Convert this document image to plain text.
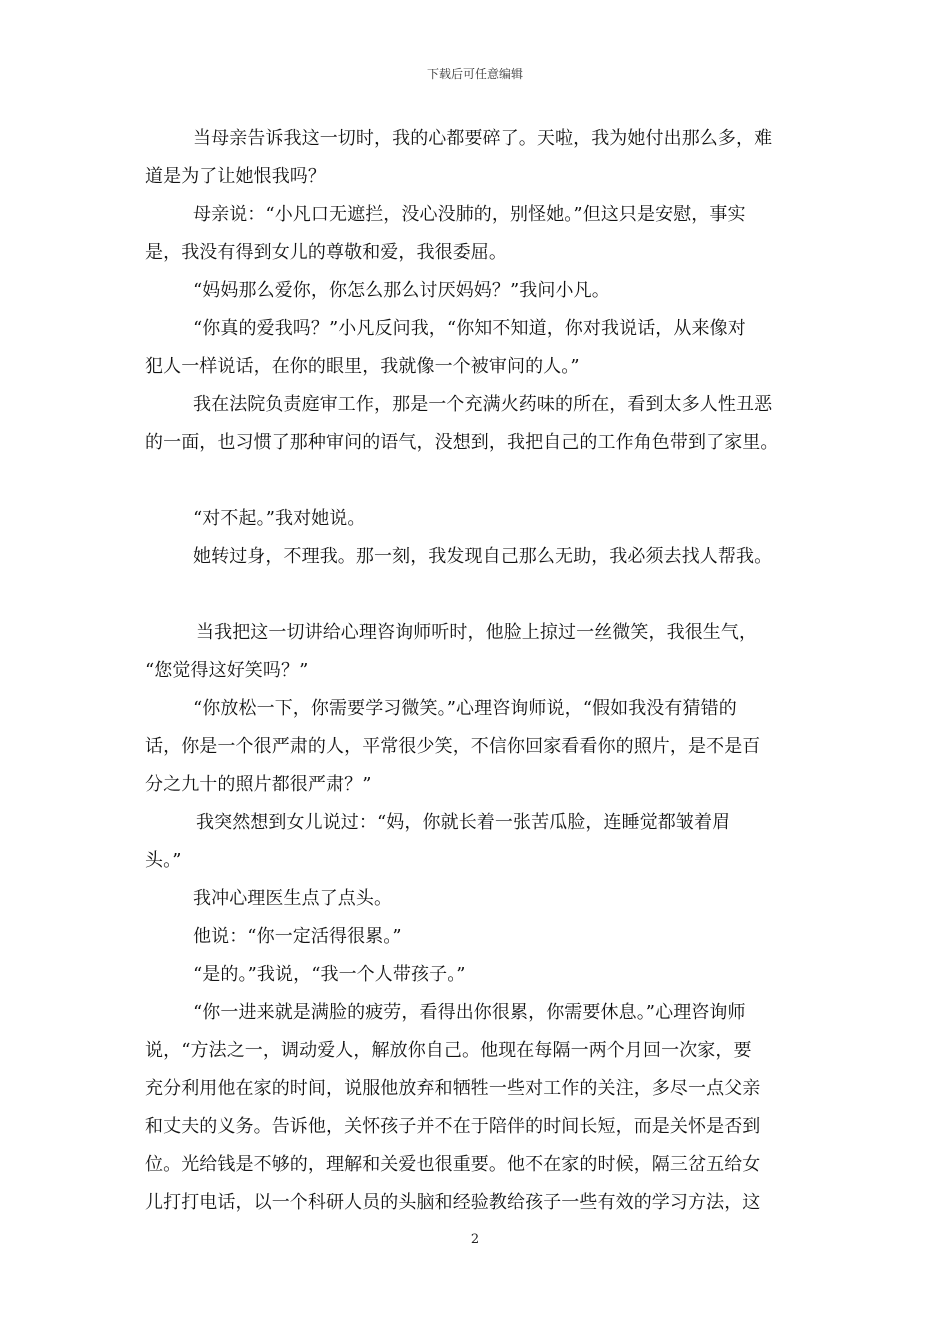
下载后可任意编辑
当母亲告诉我这一切时，我的心都要碎了。天啦，我为她付出那么多，难
道是为了让她恨我吗？
母亲说：“小凡口无遮拦，没心没肺的，别怪她。”但这只是安慰，事实
是，我没有得到女儿的尊敬和爱，我很委屈。
“妈妈那么爱你，你怎么那么讨厌妈妈？”我问小凡。
“你真的爱我吗？”小凡反问我，“你知不知道，你对我说话，从来像对
犯人一样说话，在你的眼里，我就像一个被审问的人。”
我在法院负责庭审工作，那是一个充满火药味的所在，看到太多人性丑恶
的一面，也习惯了那种审问的语气，没想到，我把自己的工作角色带到了家里。
“对不起。”我对她说。
她转过身，不理我。那一刻，我发现自己那么无助，我必须去找人帮我。
当我把这一切讲给心理咨询师听时，他脸上掠过一丝微笑，我很生气，
“您觉得这好笑吗？”
“你放松一下，你需要学习微笑。”心理咨询师说，“假如我没有猜错的
话，你是一个很严肃的人，平常很少笑，不信你回家看看你的照片，是不是百
分之九十的照片都很严肃？”
我突然想到女儿说过：“妈，你就长着一张苦瓜脸，连睡觉都皱着眉
头。”
我冲心理医生点了点头。
他说：“你一定活得很累。”
“是的。”我说，“我一个人带孩子。”
“你一进来就是满脸的疲劳，看得出你很累，你需要休息。”心理咨询师
说，“方法之一，调动爱人，解放你自己。他现在每隔一两个月回一次家，要
充分利用他在家的时间，说服他放弃和牺牲一些对工作的关注，多尽一点父亲
和丈夫的义务。告诉他，关怀孩子并不在于陪伴的时间长短，而是关怀是否到
位。光给钱是不够的，理解和关爱也很重要。他不在家的时候，隔三岔五给女
儿打打电话，以一个科研人员的头脑和经验教给孩子一些有效的学习方法，这
2
